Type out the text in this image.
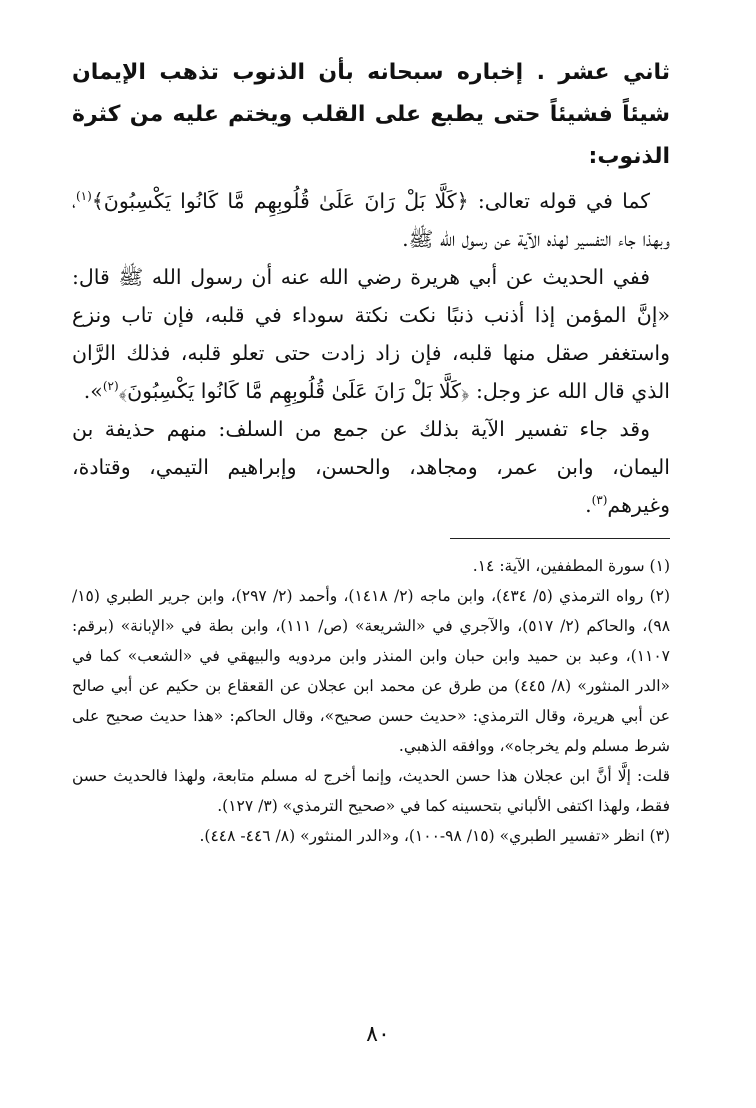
ثاني عشر . إخباره سبحانه بأن الذنوب تذهب الإيمان شيئاً فشيئاً حتى يطبع على القلب ويختم عليه من كثرة الذنوب:

كما في قوله تعالى: ﴿كَلَّا بَلْ رَانَ عَلَىٰ قُلُوبِهِم مَّا كَانُوا يَكْسِبُونَ﴾$^{(١)}$، وبهذا جاء التفسير لهذه الآية عن رسول الله ﷺ.

ففي الحديث عن أبي هريرة رضي الله عنه أن رسول الله ﷺ قال: «إنَّ المؤمن إذا أذنب ذنبًا نكت نكتة سوداء في قلبه، فإن تاب ونزع واستغفر صقل منها قلبه، فإن زاد زادت حتى تعلو قلبه، فذلك الرَّان الذي قال الله عز وجل: ﴿كَلَّا بَلْ رَانَ عَلَىٰ قُلُوبِهِم مَّا كَانُوا يَكْسِبُونَ﴾$^{(٢)}$».

وقد جاء تفسير الآية بذلك عن جمع من السلف: منهم حذيفة بن اليمان، وابن عمر، ومجاهد، والحسن، وإبراهيم التيمي، وقتادة، وغيرهم$^{(٣)}$.

(١) سورة المطففين، الآية: ١٤.

(٢) رواه الترمذي (٥/ ٤٣٤)، وابن ماجه (٢/ ١٤١٨)، وأحمد (٢/ ٢٩٧)، وابن جرير الطبري (١٥/ ٩٨)، والحاكم (٢/ ٥١٧)، والآجري في «الشريعة» (ص/ ١١١)، وابن بطة في «الإبانة» (برقم: ١١٠٧)، وعبد بن حميد وابن حبان وابن المنذر وابن مردويه والبيهقي في «الشعب» كما في «الدر المنثور» (٨/ ٤٤٥) من طرق عن محمد ابن عجلان عن القعقاع بن حكيم عن أبي صالح عن أبي هريرة، وقال الترمذي: «حديث حسن صحيح»، وقال الحاكم: «هذا حديث صحيح على شرط مسلم ولم يخرجاه»، ووافقه الذهبي.

قلت: إلَّا أنَّ ابن عجلان هذا حسن الحديث، وإنما أخرج له مسلم متابعة، ولهذا فالحديث حسن فقط، ولهذا اكتفى الألباني بتحسينه كما في «صحيح الترمذي» (٣/ ١٢٧).

(٣) انظر «تفسير الطبري» (١٥/ ٩٨-١٠٠)، و«الدر المنثور» (٨/ ٤٤٦- ٤٤٨).

٨٠
